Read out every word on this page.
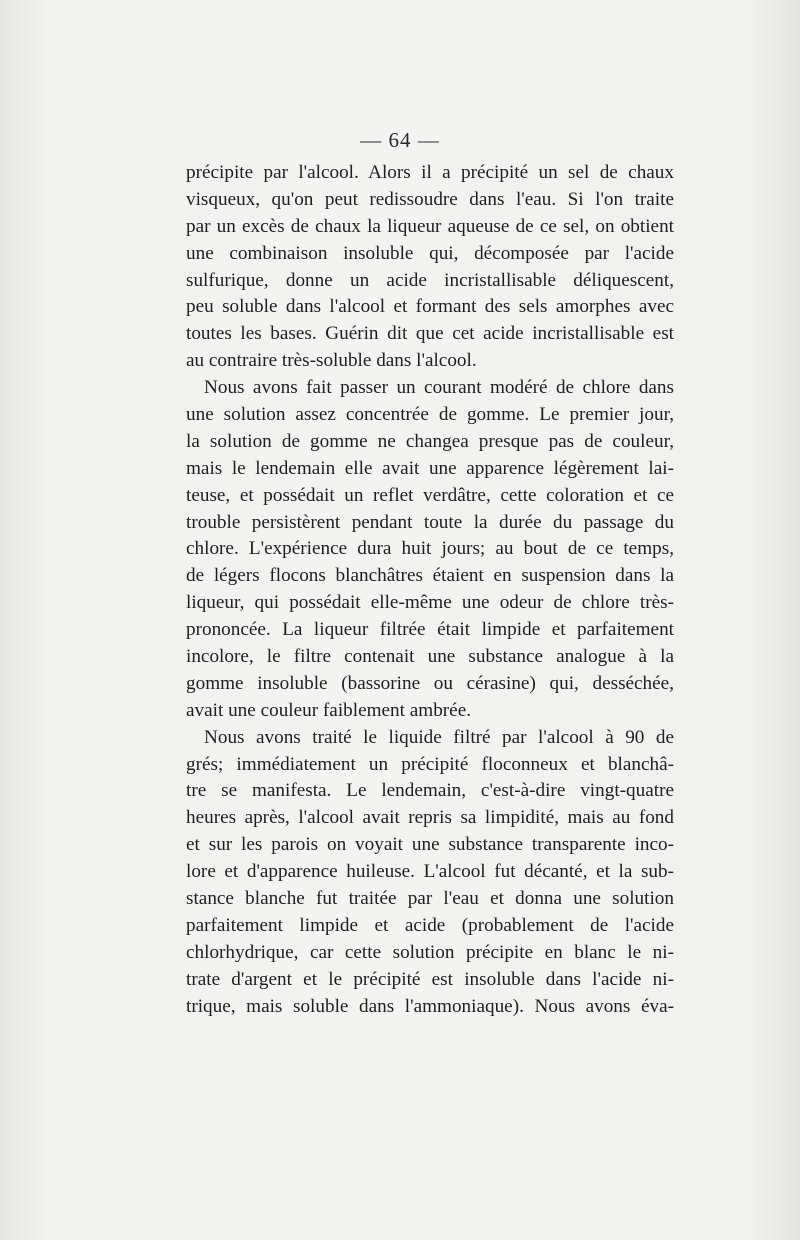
— 64 —
précipite par l'alcool. Alors il a précipité un sel de chaux
visqueux, qu'on peut redissoudre dans l'eau. Si l'on traite
par un excès de chaux la liqueur aqueuse de ce sel, on obtient
une combinaison insoluble qui, décomposée par l'acide
sulfurique, donne un acide incristallisable déliquescent,
peu soluble dans l'alcool et formant des sels amorphes avec
toutes les bases. Guérin dit que cet acide incristallisable est
au contraire très-soluble dans l'alcool.
Nous avons fait passer un courant modéré de chlore dans
une solution assez concentrée de gomme. Le premier jour,
la solution de gomme ne changea presque pas de couleur,
mais le lendemain elle avait une apparence légèrement lai-
teuse, et possédait un reflet verdâtre, cette coloration et ce
trouble persistèrent pendant toute la durée du passage du
chlore. L'expérience dura huit jours; au bout de ce temps,
de légers flocons blanchâtres étaient en suspension dans la
liqueur, qui possédait elle-même une odeur de chlore très-
prononcée. La liqueur filtrée était limpide et parfaitement
incolore, le filtre contenait une substance analogue à la
gomme insoluble (bassorine ou cérasine) qui, desséchée,
avait une couleur faiblement ambrée.
Nous avons traité le liquide filtré par l'alcool à 90 de
grés; immédiatement un précipité floconneux et blanchâ-
tre se manifesta. Le lendemain, c'est-à-dire vingt-quatre
heures après, l'alcool avait repris sa limpidité, mais au fond
et sur les parois on voyait une substance transparente inco-
lore et d'apparence huileuse. L'alcool fut décanté, et la sub-
stance blanche fut traitée par l'eau et donna une solution
parfaitement limpide et acide (probablement de l'acide
chlorhydrique, car cette solution précipite en blanc le ni-
trate d'argent et le précipité est insoluble dans l'acide ni-
trique, mais soluble dans l'ammoniaque). Nous avons éva-
